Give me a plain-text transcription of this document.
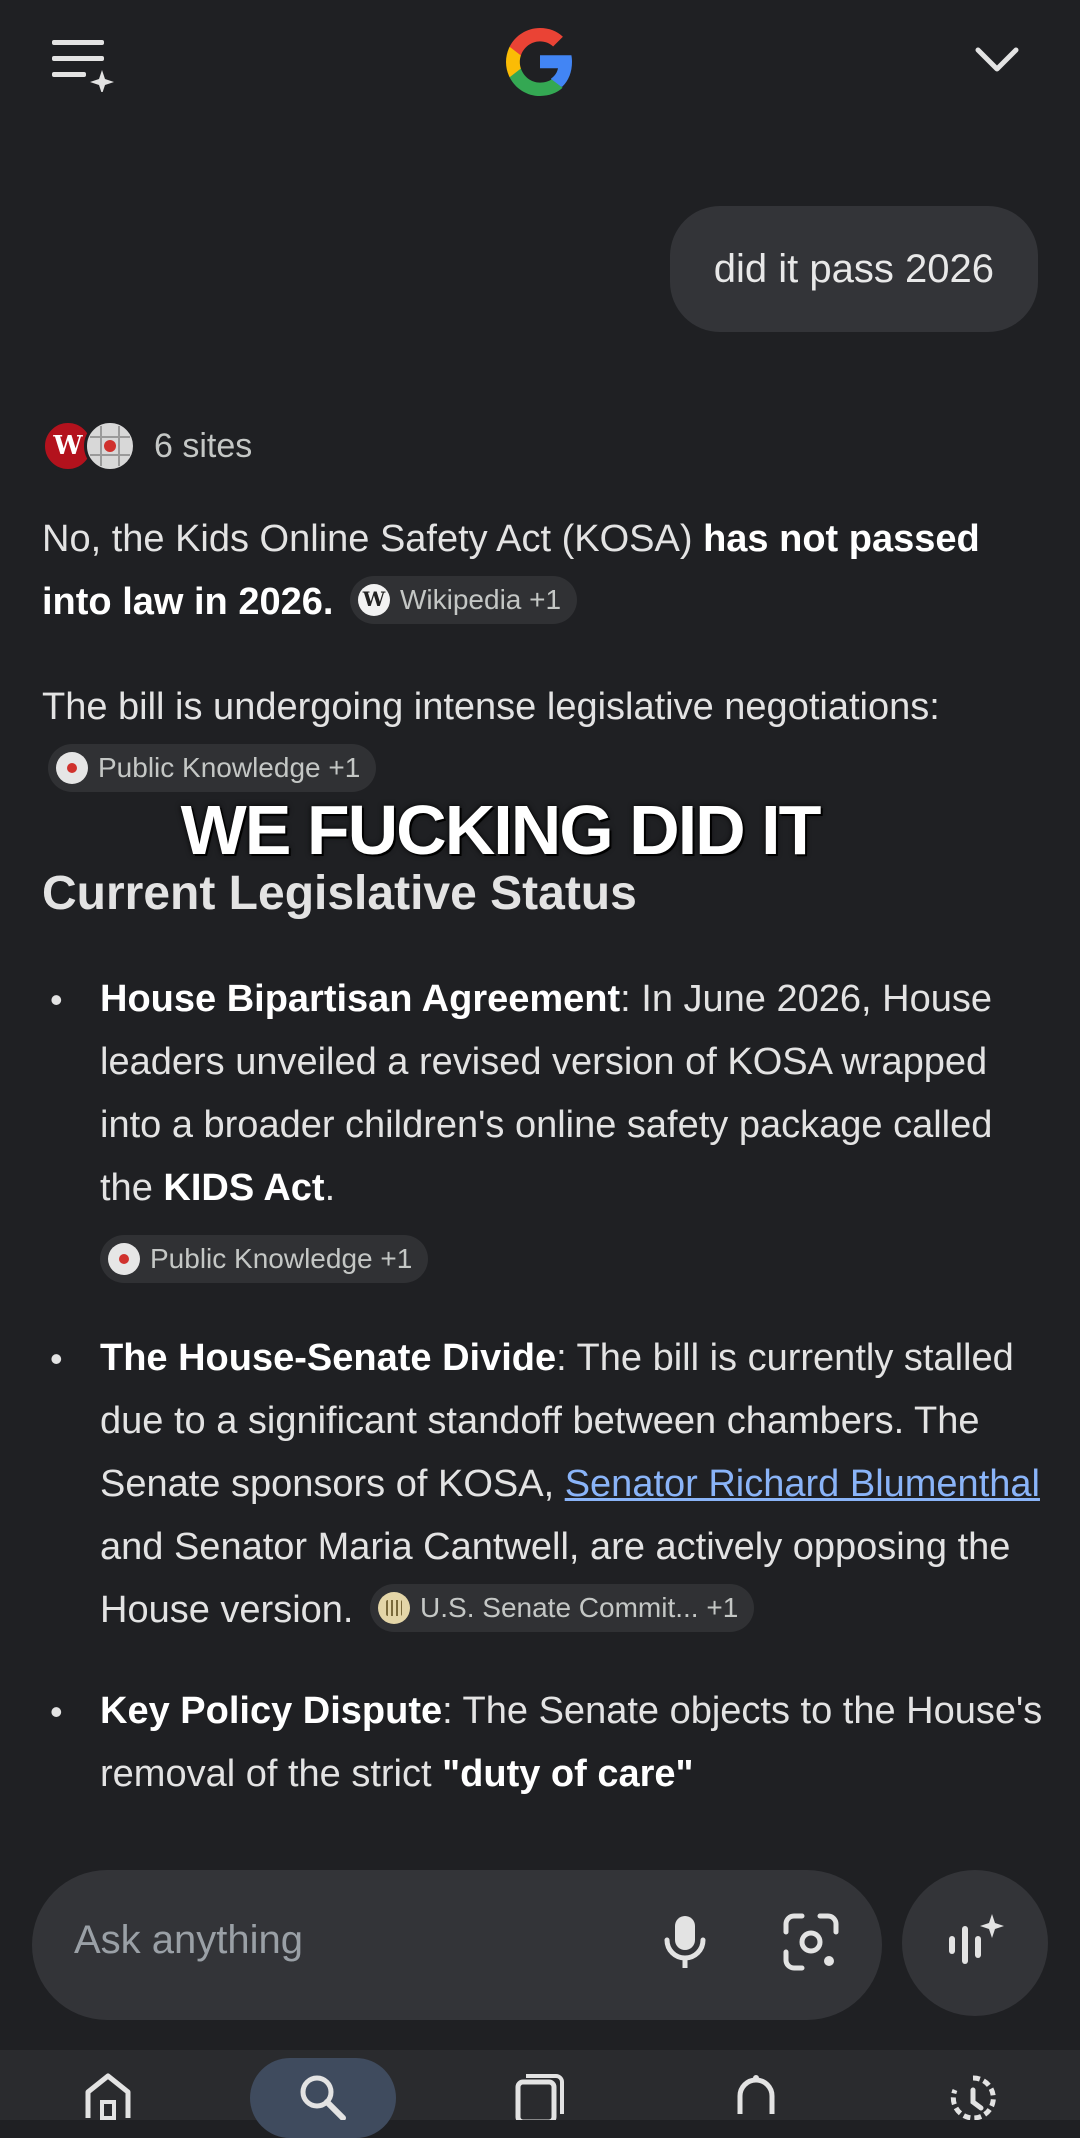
did it pass 2026
W	6 sites
No, the Kids Online Safety Act (KOSA) has not passed into law in 2026. W Wikipedia +1
The bill is undergoing intense legislative negotiations:
Public Knowledge +1
WE FUCKING DID IT
Current Legislative Status
• House Bipartisan Agreement: In June 2026, House leaders unveiled a revised version of KOSA wrapped into a broader children's online safety package called the KIDS Act.
Public Knowledge +1
• The House-Senate Divide: The bill is currently stalled due to a significant standoff between chambers. The Senate sponsors of KOSA, Senator Richard Blumenthal and Senator Maria Cantwell, are actively opposing the House version. U.S. Senate Commit... +1
• Key Policy Dispute: The Senate objects to the House's removal of the strict "duty of care"
Ask anything
